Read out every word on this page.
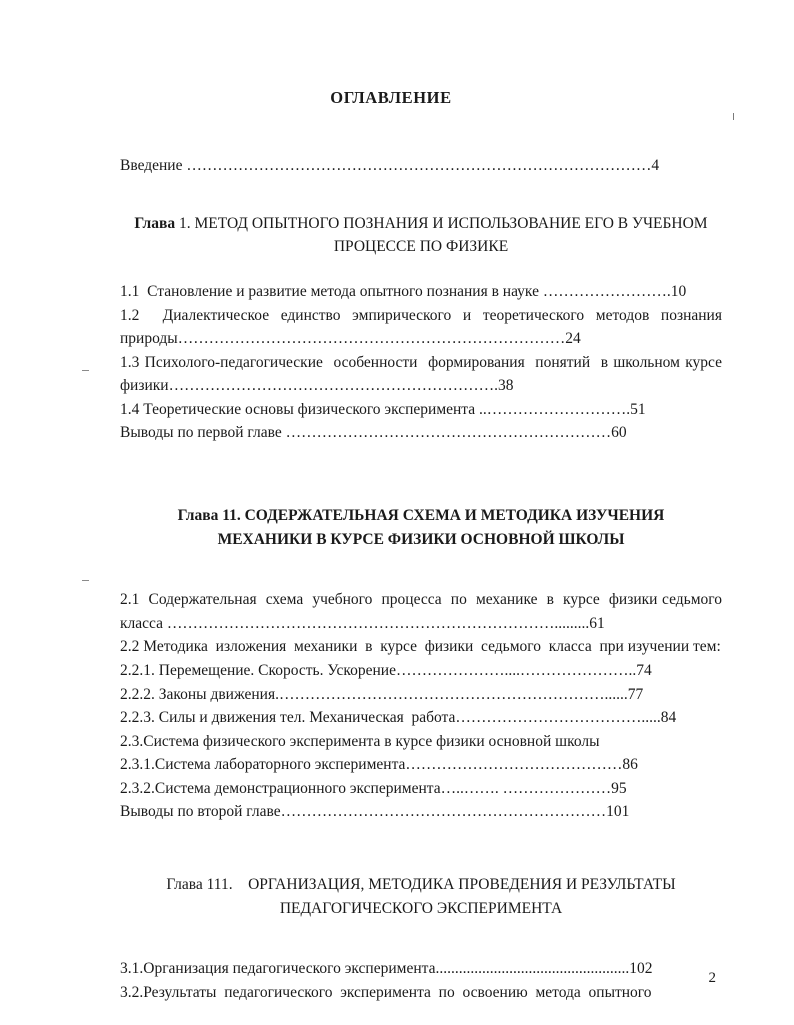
ОГЛАВЛЕНИЕ

Введение ………………………………………………………………………………4

Глава 1. МЕТОД ОПЫТНОГО ПОЗНАНИЯ И ИСПОЛЬЗОВАНИЕ ЕГО В УЧЕБНОМ ПРОЦЕССЕ ПО ФИЗИКЕ

1.1  Становление и развитие метода опытного познания в науке …………………….10

1.2  Диалектическое единство эмпирического и теоретического методов познания природы…………………………………………………………………24

1.3 Психолого-педагогические  особенности  формирования  понятий  в школьном курсе физики……………………………………………………….38

1.4 Теоретические основы физического эксперимента ..……………………….51

Выводы по первой главе ………………………………………………………60

Глава 11. СОДЕРЖАТЕЛЬНАЯ СХЕМА И МЕТОДИКА ИЗУЧЕНИЯ МЕХАНИКИ В КУРСЕ ФИЗИКИ ОСНОВНОЙ ШКОЛЫ

2.1  Содержательная  схема  учебного  процесса  по  механике  в  курсе  физики седьмого класса ………………………………………………………………….........61

2.2 Методика  изложения  механики  в  курсе  физики  седьмого  класса  при изучении тем:

2.2.1. Перемещение. Скорость. Ускорение…………………....…………………..74

2.2.2. Законы движения.………………………………………………………......77

2.2.3. Силы и движения тел. Механическая  работа……………………………….....84

2.3.Система физического эксперимента в курсе физики основной школы

2.3.1.Система лабораторного эксперимента……………………………………86

2.3.2.Система демонстрационного эксперимента…..……. …………………95

Выводы по второй главе………………………………………………………101

Глава 111. ОРГАНИЗАЦИЯ, МЕТОДИКА ПРОВЕДЕНИЯ И РЕЗУЛЬТАТЫ ПЕДАГОГИЧЕСКОГО ЭКСПЕРИМЕНТА

3.1.Организация педагогического эксперимента..................................................102

3.2.Результаты  педагогического  эксперимента  по  освоению  метода  опытного

2
